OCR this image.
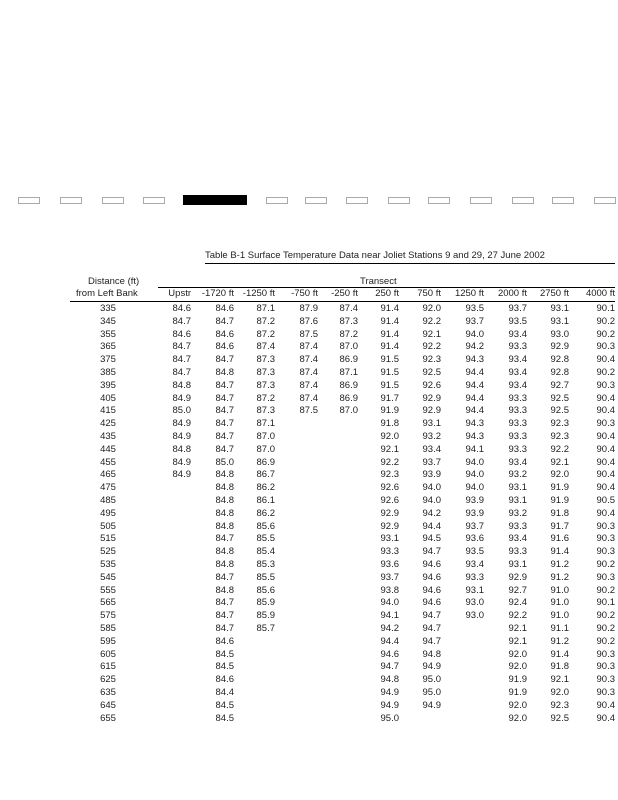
Table B-1 Surface Temperature Data near Joliet Stations 9 and 29, 27 June 2002
Distance (ft)
from Left Bank
Transect
Upstr	-1720 ft -1250 ft	-750 ft	-250 ft	250 ft	750 ft	1250 ft	2000 ft	2750 ft	4000 ft
335	84.6	84.6	87.1	87.9	87.4	91.4	92.0	93.5	93.7	93.1	90.1
345	84.7	84.7	87.2	87.6	87.3	91.4	92.2	93.7	93.5	93.1	90.2
355	84.6	84.6	87.2	87.5	87.2	91.4	92.1	94.0	93.4	93.0	90.2
365	84.7	84.6	87.4	87.4	87.0	91.4	92.2	94.2	93.3	92.9	90.3
375	84.7	84.7	87.3	87.4	86.9	91.5	92.3	94.3	93.4	92.8	90.4
385	84.7	84.8	87.3	87.4	87.1	91.5	92.5	94.4	93.4	92.8	90.2
395	84.8	84.7	87.3	87.4	86.9	91.5	92.6	94.4	93.4	92.7	90.3
405	84.9	84.7	87.2	87.4	86.9	91.7	92.9	94.4	93.3	92.5	90.4
415	85.0	84.7	87.3	87.5	87.0	91.9	92.9	94.4	93.3	92.5	90.4
425	84.9	84.7	87.1			91.8	93.1	94.3	93.3	92.3	90.3
435	84.9	84.7	87.0			92.0	93.2	94.3	93.3	92.3	90.4
445	84.8	84.7	87.0			92.1	93.4	94.1	93.3	92.2	90.4
455	84.9	85.0	86.9			92.2	93.7	94.0	93.4	92.1	90.4
465	84.9	84.8	86.7			92.3	93.9	94.0	93.2	92.0	90.4
475		84.8	86.2			92.6	94.0	94.0	93.1	91.9	90.4
485		84.8	86.1			92.6	94.0	93.9	93.1	91.9	90.5
495		84.8	86.2			92.9	94.2	93.9	93.2	91.8	90.4
505		84.8	85.6			92.9	94.4	93.7	93.3	91.7	90.3
515		84.7	85.5			93.1	94.5	93.6	93.4	91.6	90.3
525		84.8	85.4			93.3	94.7	93.5	93.3	91.4	90.3
535		84.8	85.3			93.6	94.6	93.4	93.1	91.2	90.2
545		84.7	85.5			93.7	94.6	93.3	92.9	91.2	90.3
555		84.8	85.6			93.8	94.6	93.1	92.7	91.0	90.2
565		84.7	85.9			94.0	94.6	93.0	92.4	91.0	90.1
575		84.7	85.9			94.1	94.7	93.0	92.2	91.0	90.2
585		84.7	85.7			94.2	94.7		92.1	91.1	90.2
595		84.6				94.4	94.7		92.1	91.2	90.2
605		84.5				94.6	94.8		92.0	91.4	90.3
615		84.5				94.7	94.9		92.0	91.8	90.3
625		84.6				94.8	95.0		91.9	92.1	90.3
635		84.4				94.9	95.0		91.9	92.0	90.3
645		84.5				94.9	94.9		92.0	92.3	90.4
655		84.5				95.0			92.0	92.5	90.4
